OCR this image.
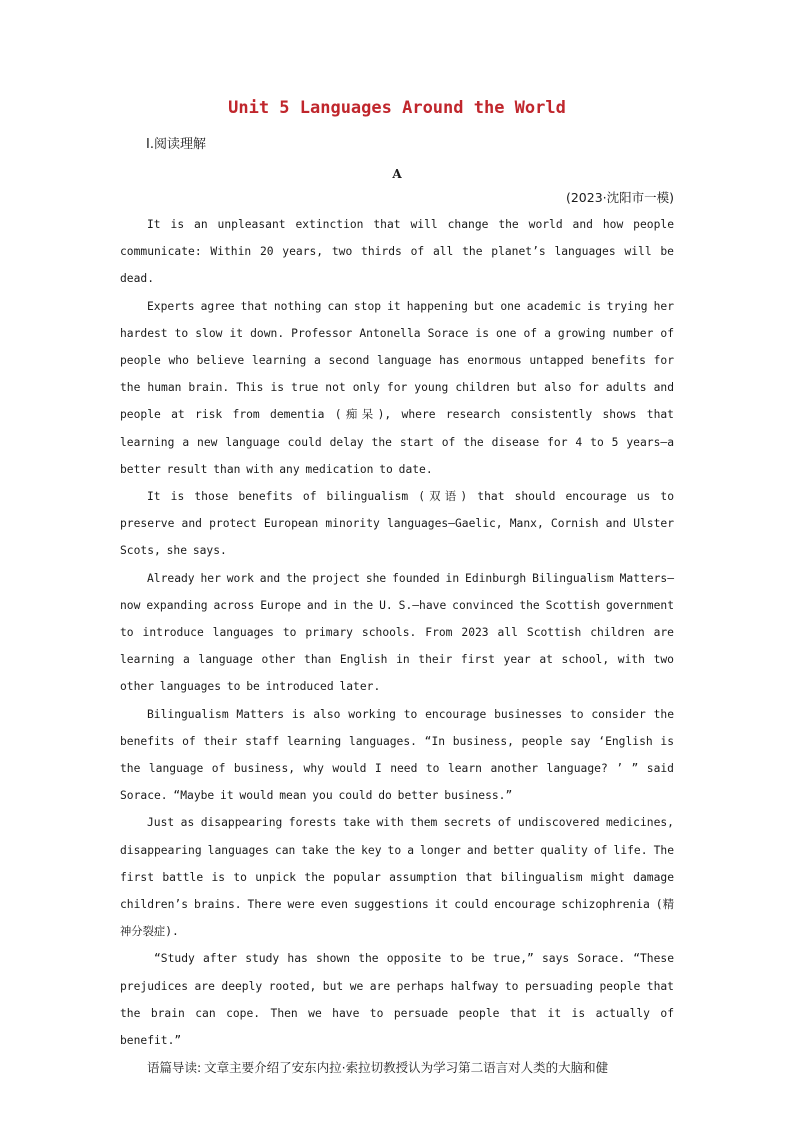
Unit 5 Languages Around the World
Ⅰ.阅读理解
A
(2023·沈阳市一模)

It is an unpleasant extinction that will change the world and how people communicate: Within 20 years, two thirds of all the planet’s languages will be dead.

Experts agree that nothing can stop it happening but one academic is trying her hardest to slow it down. Professor Antonella Sorace is one of a growing number of people who believe learning a second language has enormous untapped benefits for the human brain. This is true not only for young children but also for adults and people at risk from dementia (痴呆), where research consistently shows that learning a new language could delay the start of the disease for 4 to 5 years—a better result than with any medication to date.

It is those benefits of bilingualism (双语) that should encourage us to preserve and protect European minority languages—Gaelic, Manx, Cornish and Ulster Scots, she says.

Already her work and the project she founded in Edinburgh Bilingualism Matters—now expanding across Europe and in the U. S.—have convinced the Scottish government to introduce languages to primary schools. From 2023 all Scottish children are learning a language other than English in their first year at school, with two other languages to be introduced later.

Bilingualism Matters is also working to encourage businesses to consider the benefits of their staff learning languages. “In business, people say ‘English is the language of business, why would I need to learn another language? ’ ” said Sorace. “Maybe it would mean you could do better business.”

Just as disappearing forests take with them secrets of undiscovered medicines, disappearing languages can take the key to a longer and better quality of life. The first battle is to unpick the popular assumption that bilingualism might damage children’s brains. There were even suggestions it could encourage schizophrenia (精神分裂症).

“Study after study has shown the opposite to be true,” says Sorace. “These prejudices are deeply rooted, but we are perhaps halfway to persuading people that the brain can cope. Then we have to persuade people that it is actually of benefit.”

语篇导读: 文章主要介绍了安东内拉·索拉切教授认为学习第二语言对人类的大脑和健
